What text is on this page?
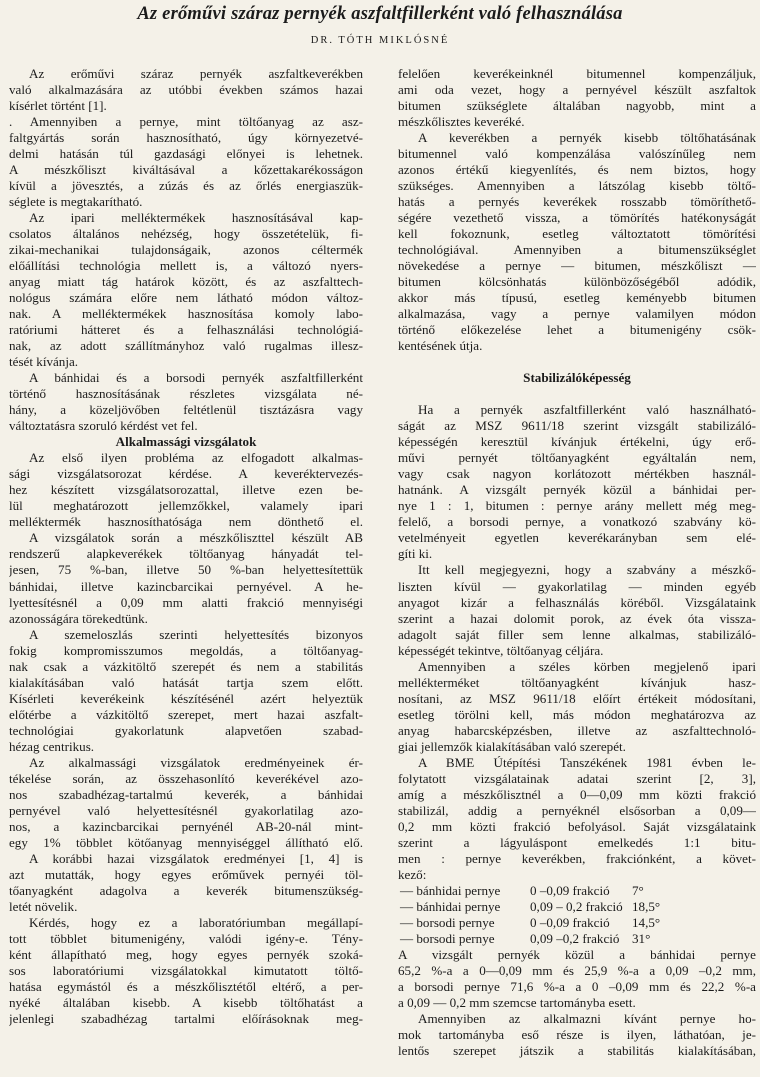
Az erőművi száraz pernyék aszfaltfillerként való felhasználása
DR. TÓTH MIKLÓSNÉ
Az erőművi száraz pernyék aszfaltkeverékben
való alkalmazására az utóbbi években számos hazai
kísérlet történt [1].
. Amennyiben a pernye, mint töltőanyag az asz-
faltgyártás során hasznosítható, úgy környezetvé-
delmi hatásán túl gazdasági előnyei is lehetnek.
A mészkőliszt kiváltásával a kőzettakarékosságon
kívül a jövesztés, a zúzás és az őrlés energiaszük-
séglete is megtakarítható.
Az ipari melléktermékek hasznosításával kap-
csolatos általános nehézség, hogy összetételük, fi-
zikai-mechanikai tulajdonságaik, azonos céltermék
előállítási technológia mellett is, a változó nyers-
anyag miatt tág határok között, és az aszfalttech-
nológus számára előre nem látható módon változ-
nak. A melléktermékek hasznosítása komoly labo-
ratóriumi hátteret és a felhasználási technológiá-
nak, az adott szállítmányhoz való rugalmas illesz-
tését kívánja.
A bánhidai és a borsodi pernyék aszfaltfillerként
történő hasznosításának részletes vizsgálata né-
hány, a közeljövőben feltétlenül tisztázásra vagy
változtatásra szoruló kérdést vet fel.
Alkalmassági vizsgálatok
Az első ilyen probléma az elfogadott alkalmas-
sági vizsgálatsorozat kérdése. A keveréktervezés-
hez készített vizsgálatsorozattal, illetve ezen be-
lül meghatározott jellemzőkkel, valamely ipari
melléktermék hasznosíthatósága nem dönthető el.
A vizsgálatok során a mészkőliszttel készült AB
rendszerű alapkeverékek töltőanyag hányadát tel-
jesen, 75 %-ban, illetve 50 %-ban helyettesítettük
bánhidai, illetve kazincbarcikai pernyével. A he-
lyettesítésnél a 0,09 mm alatti frakció mennyiségi
azonosságára törekedtünk.
A szemeloszlás szerinti helyettesítés bizonyos
fokig kompromisszumos megoldás, a töltőanyag-
nak csak a vázkitöltő szerepét és nem a stabilitás
kialakításában való hatását tartja szem előtt.
Kísérleti keverékeink készítésénél azért helyeztük
előtérbe a vázkitöltő szerepet, mert hazai aszfalt-
technológiai gyakorlatunk alapvetően szabad-
hézag centrikus.
Az alkalmassági vizsgálatok eredményeinek ér-
tékelése során, az összehasonlító keverékével azo-
nos szabadhézag-tartalmú keverék, a bánhidai
pernyével való helyettesítésnél gyakorlatilag azo-
nos, a kazincbarcikai pernyénél AB-20-nál mint-
egy 1% többlet kötőanyag mennyiséggel állítható elő.
A korábbi hazai vizsgálatok eredményei [1, 4] is
azt mutatták, hogy egyes erőművek pernyéi töl-
tőanyagként adagolva a keverék bitumenszükség-
letét növelik.
Kérdés, hogy ez a laboratóriumban megállapí-
tott többlet bitumenigény, valódi igény-e. Tény-
ként állapítható meg, hogy egyes pernyék szoká-
sos laboratóriumi vizsgálatokkal kimutatott töltő-
hatása egymástól és a mészkőlisztétől eltérő, a per-
nyéké általában kisebb. A kisebb töltőhatást a
jelenlegi szabadhézag tartalmi előírásoknak meg-
felelően keverékeinknél bitumennel kompenzáljuk,
ami oda vezet, hogy a pernyével készült aszfaltok
bitumen szükséglete általában nagyobb, mint a
mészkőlisztes keveréké.
A keverékben a pernyék kisebb töltőhatásának
bitumennel való kompenzálása valószínűleg nem
azonos értékű kiegyenlítés, és nem biztos, hogy
szükséges. Amennyiben a látszólag kisebb töltő-
hatás a pernyés keverékek rosszabb tömöríthető-
ségére vezethető vissza, a tömörítés hatékonyságát
kell fokoznunk, esetleg változtatott tömörítési
technológiával. Amennyiben a bitumenszükséglet
növekedése a pernye — bitumen, mészkőliszt —
bitumen kölcsönhatás különbözőségéből adódik,
akkor más típusú, esetleg keményebb bitumen
alkalmazása, vagy a pernye valamilyen módon
történő előkezelése lehet a bitumenigény csök-
kentésének útja.
Stabilizálóképesség
Ha a pernyék aszfaltfillerként való használható-
ságát az MSZ 9611/18 szerint vizsgált stabilizáló-
képességén keresztül kívánjuk értékelni, úgy erő-
művi pernyét töltőanyagként egyáltalán nem,
vagy csak nagyon korlátozott mértékben használ-
hatnánk. A vizsgált pernyék közül a bánhidai per-
nye 1 : 1, bitumen : pernye arány mellett még meg-
felelő, a borsodi pernye, a vonatkozó szabvány kö-
vetelményeit egyetlen keverékarányban sem elé-
gíti ki.
Itt kell megjegyezni, hogy a szabvány a mészkő-
liszten kívül — gyakorlatilag — minden egyéb
anyagot kizár a felhasználás köréből. Vizsgálataink
szerint a hazai dolomit porok, az évek óta vissza-
adagolt saját filler sem lenne alkalmas, stabilizáló-
képességét tekintve, töltőanyag céljára.
Amennyiben a széles körben megjelenő ipari
mellékterméket töltőanyagként kívánjuk hasz-
nosítani, az MSZ 9611/18 előírt értékeit módosítani,
esetleg törölni kell, más módon meghatározva az
anyag habarcsképzésben, illetve az aszfalttechnoló-
giai jellemzők kialakításában való szerepét.
A BME Útépítési Tanszékének 1981 évben le-
folytatott vizsgálatainak adatai szerint [2, 3],
amíg a mészkőlisztnél a 0—0,09 mm közti frakció
stabilizál, addig a pernyéknél elsősorban a 0,09—
0,2 mm közti frakció befolyásol. Saját vizsgálataink
szerint a lágyuláspont emelkedés 1:1 bitu-
men : pernye keverékben, frakciónként, a követ-
kező:
— bánhidai pernye 0 –0,09 frakció 7°
— bánhidai pernye 0,09 – 0,2 frakció 18,5°
— borsodi pernye	0 –0,09 frakció 14,5°
— borsodi pernye	0,09 –0,2 frakció 31°
A vizsgált pernyék közül a bánhidai pernye
65,2 %-a a 0—0,09 mm és 25,9 %-a a 0,09 –0,2 mm,
a borsodi pernye 71,6 %-a a 0 –0,09 mm és 22,2 %-a
a 0,09 — 0,2 mm szemcse tartományba esett.
Amennyiben az alkalmazni kívánt pernye ho-
mok tartományba eső része is ilyen, láthatóan, je-
lentős szerepet játszik a stabilitás kialakításában,
